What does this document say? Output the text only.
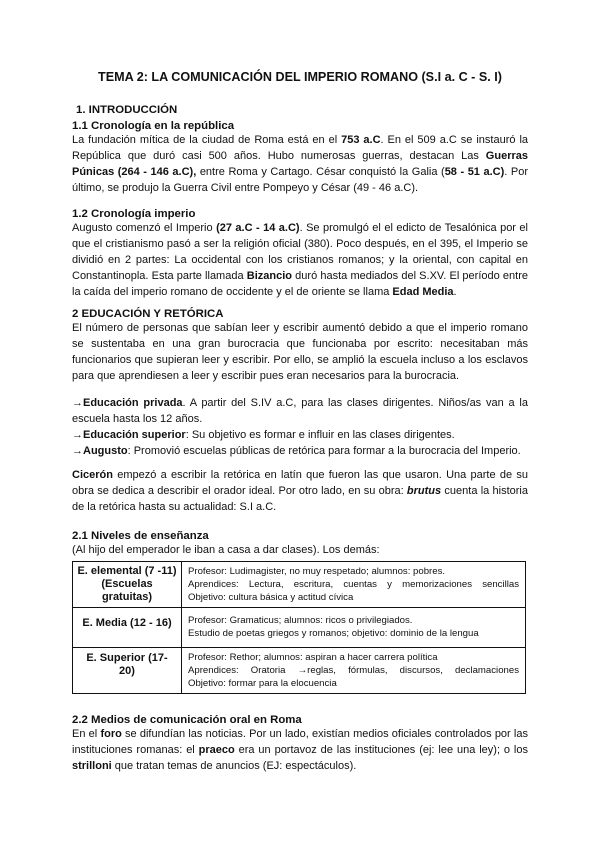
TEMA 2: LA COMUNICACIÓN DEL IMPERIO ROMANO (S.I a. C - S. I)
1. INTRODUCCIÓN
1.1 Cronología en la república

La fundación mítica de la ciudad de Roma está en el 753 a.C. En el 509 a.C se instauró la República que duró casi 500 años. Hubo numerosas guerras, destacan Las Guerras Púnicas (264 - 146 a.C), entre Roma y Cartago. César conquistó la Galia (58 - 51 a.C). Por último, se produjo la Guerra Civil entre Pompeyo y César (49 - 46 a.C).

1.2 Cronología imperio

Augusto comenzó el Imperio (27 a.C - 14 a.C). Se promulgó el el edicto de Tesalónica por el que el cristianismo pasó a ser la religión oficial (380). Poco después, en el 395, el Imperio se dividió en 2 partes: La occidental con los cristianos romanos; y la oriental, con capital en Constantinopla. Esta parte llamada Bizancio duró hasta mediados del S.XV. El período entre la caída del imperio romano de occidente y el de oriente se llama Edad Media.

2 EDUCACIÓN Y RETÓRICA

El número de personas que sabían leer y escribir aumentó debido a que el imperio romano se sustentaba en una gran burocracia que funcionaba por escrito: necesitaban más funcionarios que supieran leer y escribir. Por ello, se amplió la escuela incluso a los esclavos para que aprendiesen a leer y escribir pues eran necesarios para la burocracia.

→Educación privada. A partir del S.IV a.C, para las clases dirigentes. Niños/as van a la escuela hasta los 12 años.

→Educación superior: Su objetivo es formar e influir en las clases dirigentes.

→Augusto: Promovió escuelas públicas de retórica para formar a la burocracia del Imperio.

Cicerón empezó a escribir la retórica en latín que fueron las que usaron. Una parte de su obra se dedica a describir el orador ideal. Por otro lado, en su obra: brutus cuenta la historia de la retórica hasta su actualidad: S.I a.C.

2.1 Niveles de enseñanza
(Al hijo del emperador le iban a casa a dar clases). Los demás:
E. elemental (7 -11) (Escuelas gratuitas)	Profesor: Ludimagister, no muy respetado; alumnos: pobres.
Aprendices: Lectura, escritura, cuentas y memorizaciones sencillas
Objetivo: cultura básica y actitud cívica

E. Media (12 - 16)	Profesor: Gramaticus; alumnos: ricos o privilegiados.
Estudio de poetas griegos y romanos; objetivo: dominio de la lengua

E. Superior (17- 20)	Profesor: Rethor; alumnos: aspiran a hacer carrera política
Aprendices: Oratoria →reglas, fórmulas, discursos, declamaciones
Objetivo: formar para la elocuencia
2.2 Medios de comunicación oral en Roma

En el foro se difundían las noticias. Por un lado, existían medios oficiales controlados por las instituciones romanas: el praeco era un portavoz de las instituciones (ej: lee una ley); o los strilloni que tratan temas de anuncios (EJ: espectáculos).
